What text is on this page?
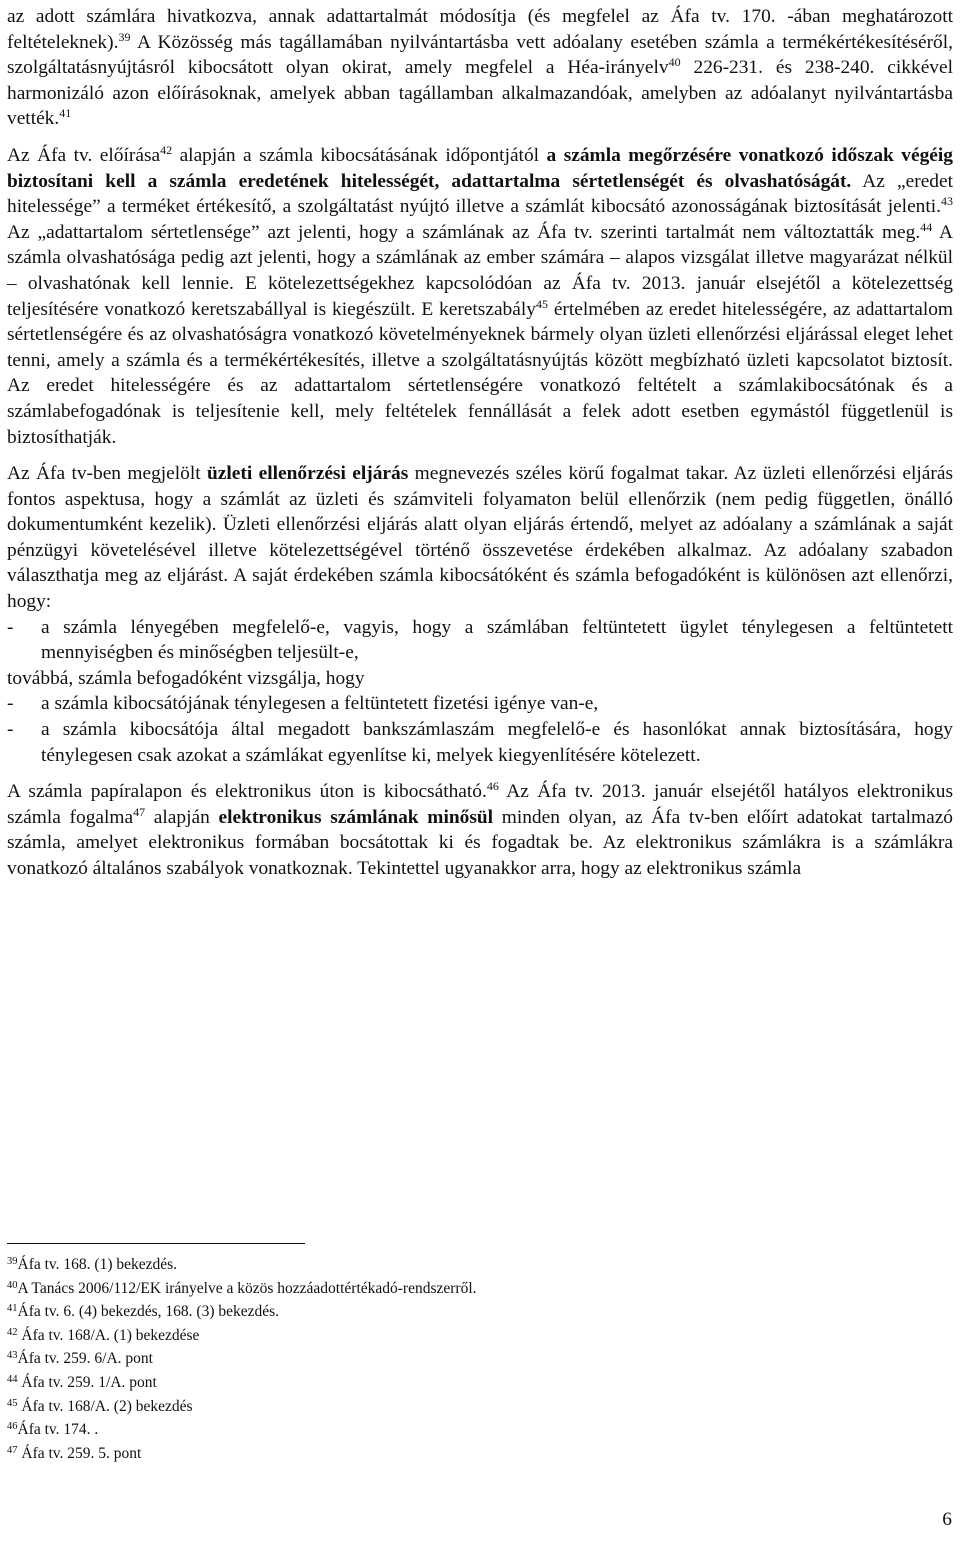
az adott számlára hivatkozva, annak adattartalmát módosítja (és megfelel az Áfa tv. 170. -ában meghatározott feltételeknek).$^{39}$ A Közösség más tagállamában nyilvántartásba vett adóalany esetében számla a termékértékesítéséről, szolgáltatásnyújtásról kibocsátott olyan okirat, amely megfelel a Héa-irányelv$^{40}$ 226-231. és 238-240. cikkével harmonizáló azon előírásoknak, amelyek abban tagállamban alkalmazandóak, amelyben az adóalanyt nyilvántartásba vették.$^{41}$

Az Áfa tv. előírása$^{42}$ alapján a számla kibocsátásának időpontjától a számla megőrzésére vonatkozó időszak végéig biztosítani kell a számla eredetének hitelességét, adattartalma sértetlenségét és olvashatóságát. Az „eredet hitelessége” a terméket értékesítő, a szolgáltatást nyújtó illetve a számlát kibocsátó azonosságának biztosítását jelenti.$^{43}$ Az „adattartalom sértetlensége” azt jelenti, hogy a számlának az Áfa tv. szerinti tartalmát nem változtatták meg.$^{44}$ A számla olvashatósága pedig azt jelenti, hogy a számlának az ember számára – alapos vizsgálat illetve magyarázat nélkül – olvashatónak kell lennie. E kötelezettségekhez kapcsolódóan az Áfa tv. 2013. január elsejétől a kötelezettség teljesítésére vonatkozó keretszabállyal is kiegészült. E keretszabály$^{45}$ értelmében az eredet hitelességére, az adattartalom sértetlenségére és az olvashatóságra vonatkozó követelményeknek bármely olyan üzleti ellenőrzési eljárással eleget lehet tenni, amely a számla és a termékértékesítés, illetve a szolgáltatásnyújtás között megbízható üzleti kapcsolatot biztosít. Az eredet hitelességére és az adattartalom sértetlenségére vonatkozó feltételt a számlakibocsátónak és a számlabefogadónak is teljesítenie kell, mely feltételek fennállását a felek adott esetben egymástól függetlenül is biztosíthatják.

Az Áfa tv-ben megjelölt üzleti ellenőrzési eljárás megnevezés széles körű fogalmat takar. Az üzleti ellenőrzési eljárás fontos aspektusa, hogy a számlát az üzleti és számviteli folyamaton belül ellenőrzik (nem pedig független, önálló dokumentumként kezelik). Üzleti ellenőrzési eljárás alatt olyan eljárás értendő, melyet az adóalany a számlának a saját pénzügyi követelésével illetve kötelezettségével történő összevetése érdekében alkalmaz. Az adóalany szabadon választhatja meg az eljárást. A saját érdekében számla kibocsátóként és számla befogadóként is különösen azt ellenőrzi, hogy:

-	a számla lényegében megfelelő-e, vagyis, hogy a számlában feltüntetett ügylet ténylegesen a feltüntetett mennyiségben és minőségben teljesült-e,

továbbá, számla befogadóként vizsgálja, hogy

-	a számla kibocsátójának ténylegesen a feltüntetett fizetési igénye van-e,
-	a számla kibocsátója által megadott bankszámlaszám megfelelő-e és hasonlókat annak biztosítására, hogy ténylegesen csak azokat a számlákat egyenlítse ki, melyek kiegyenlítésére kötelezett.

A számla papíralapon és elektronikus úton is kibocsátható.$^{46}$ Az Áfa tv. 2013. január elsejétől hatályos elektronikus számla fogalma$^{47}$ alapján elektronikus számlának minősül minden olyan, az Áfa tv-ben előírt adatokat tartalmazó számla, amelyet elektronikus formában bocsátottak ki és fogadtak be. Az elektronikus számlákra is a számlákra vonatkozó általános szabályok vonatkoznak. Tekintettel ugyanakkor arra, hogy az elektronikus számla

$^{39}$Áfa tv. 168. (1) bekezdés.
$^{40}$A Tanács 2006/112/EK irányelve a közös hozzáadottértékadó-rendszerről.
$^{41}$Áfa tv. 6. (4) bekezdés, 168. (3) bekezdés.
$^{42}$ Áfa tv. 168/A. (1) bekezdése
$^{43}$Áfa tv. 259. 6/A. pont
$^{44}$ Áfa tv. 259. 1/A. pont
$^{45}$ Áfa tv. 168/A. (2) bekezdés
$^{46}$Áfa tv. 174. .
$^{47}$ Áfa tv. 259. 5. pont
6
